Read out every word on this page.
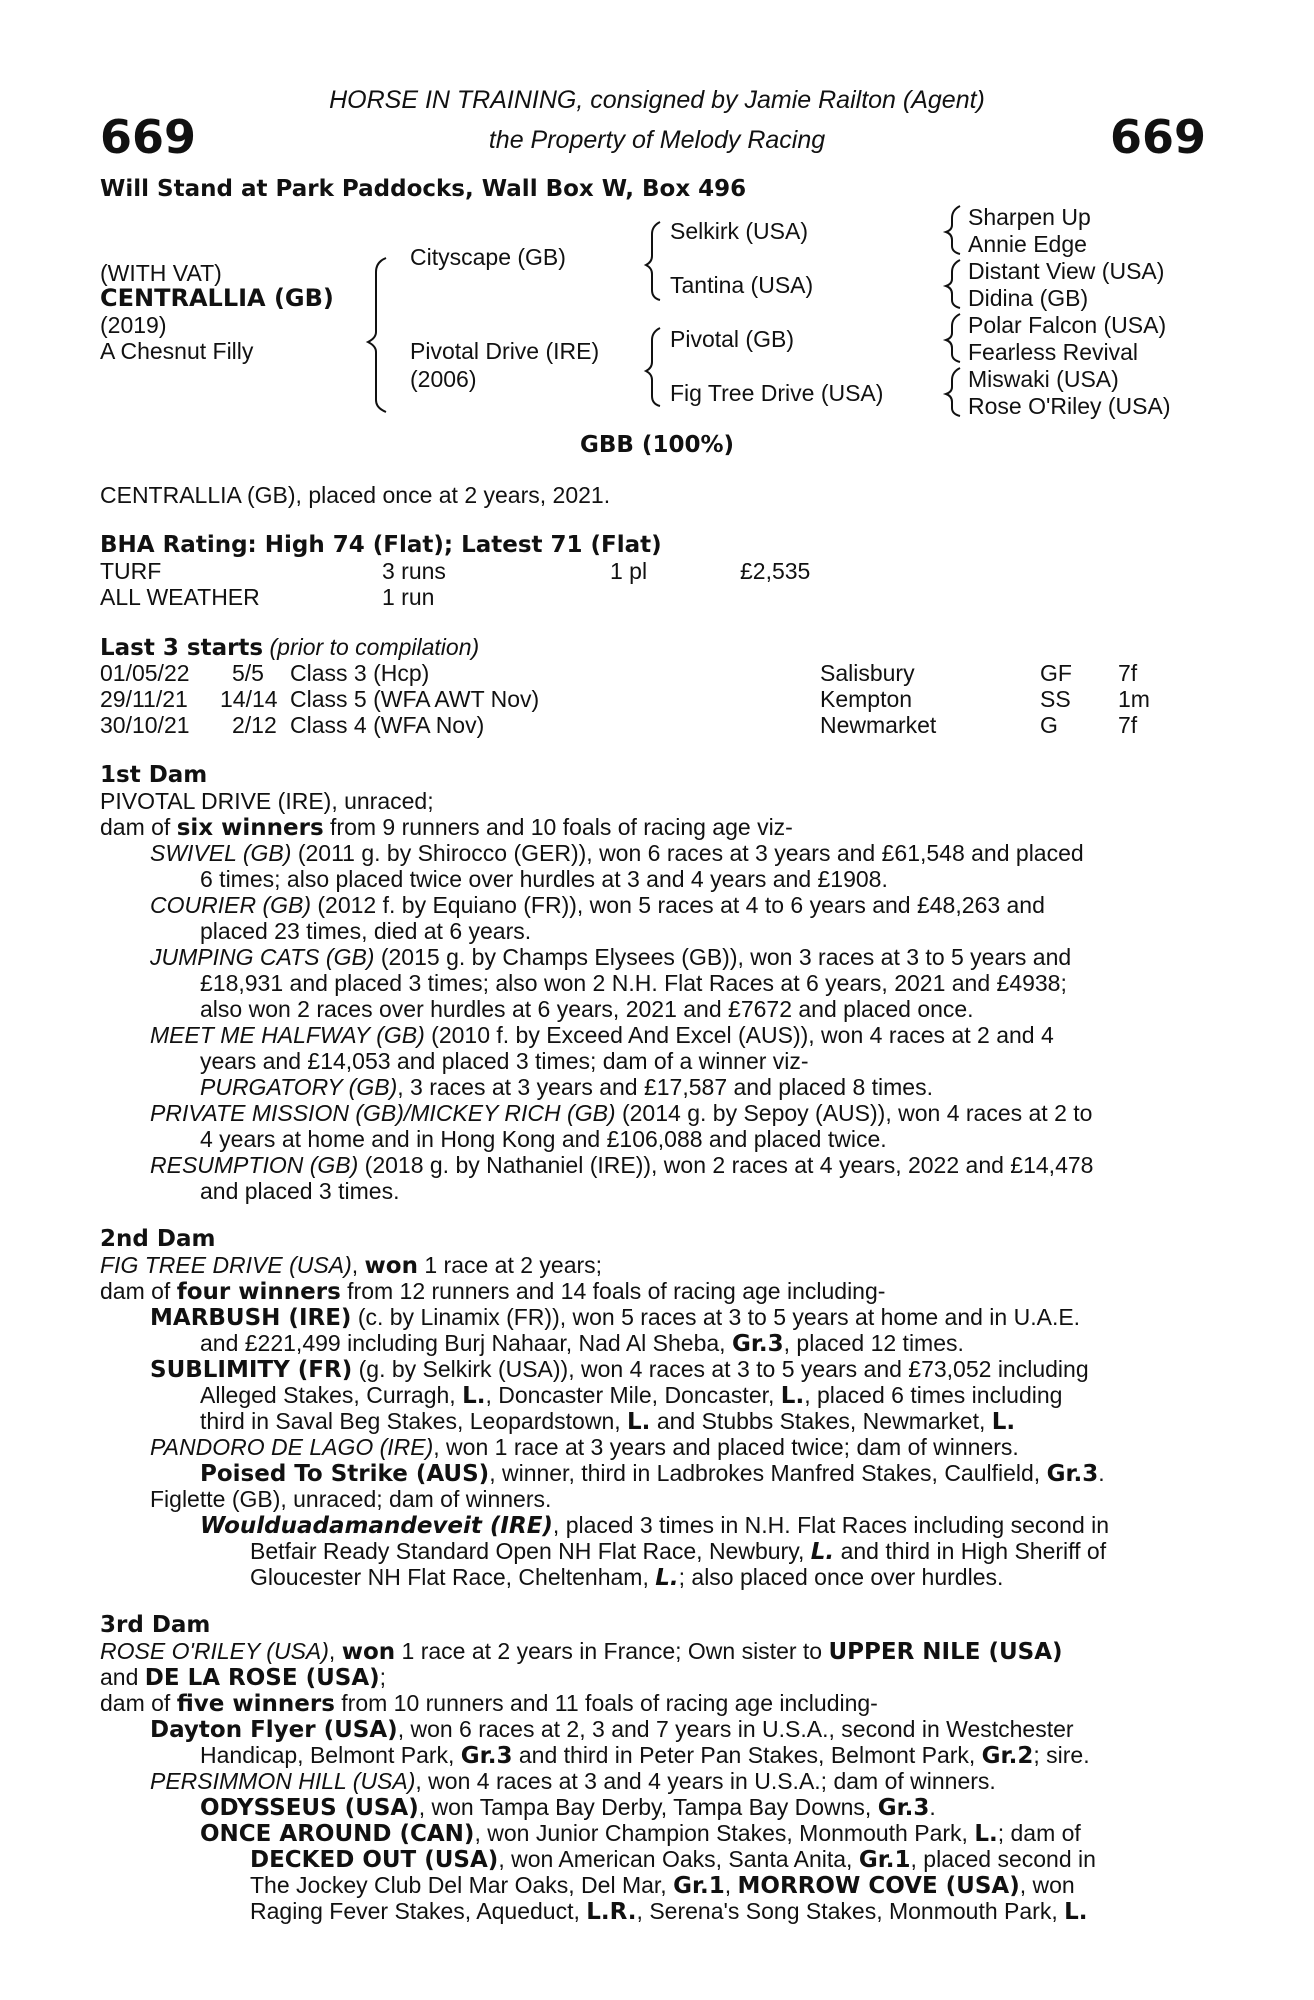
669	669
HORSE IN TRAINING, consigned by Jamie Railton (Agent)
the Property of Melody Racing
Will Stand at Park Paddocks, Wall Box W, Box 496
(WITH VAT)
CENTRALLIA (GB)
(2019)
A Chesnut Filly
Cityscape (GB)
Pivotal Drive (IRE)
(2006)
Selkirk (USA)
Tantina (USA)
Pivotal (GB)
Fig Tree Drive (USA)
Sharpen Up
Annie Edge
Distant View (USA)
Didina (GB)
Polar Falcon (USA)
Fearless Revival
Miswaki (USA)
Rose O'Riley (USA)
GBB (100%)
CENTRALLIA (GB), placed once at 2 years, 2021.
BHA Rating: High 74 (Flat); Latest 71 (Flat)
TURF	3 runs	1 pl	£2,535
ALL WEATHER	1 run
Last 3 starts (prior to compilation)
01/05/22 5/5 Class 3 (Hcp)	Salisbury	GF 7f
29/11/21 14/14 Class 5 (WFA AWT Nov)	Kempton	SS 1m
30/10/21 2/12 Class 4 (WFA Nov)	Newmarket	G	7f
1st Dam
PIVOTAL DRIVE (IRE), unraced;
dam of six winners from 9 runners and 10 foals of racing age viz-
SWIVEL (GB) (2011 g. by Shirocco (GER)), won 6 races at 3 years and £61,548 and placed
6 times; also placed twice over hurdles at 3 and 4 years and £1908.
COURIER (GB) (2012 f. by Equiano (FR)), won 5 races at 4 to 6 years and £48,263 and
placed 23 times, died at 6 years.
JUMPING CATS (GB) (2015 g. by Champs Elysees (GB)), won 3 races at 3 to 5 years and
£18,931 and placed 3 times; also won 2 N.H. Flat Races at 6 years, 2021 and £4938;
also won 2 races over hurdles at 6 years, 2021 and £7672 and placed once.
MEET ME HALFWAY (GB) (2010 f. by Exceed And Excel (AUS)), won 4 races at 2 and 4
years and £14,053 and placed 3 times; dam of a winner viz-
PURGATORY (GB), 3 races at 3 years and £17,587 and placed 8 times.
PRIVATE MISSION (GB)/MICKEY RICH (GB) (2014 g. by Sepoy (AUS)), won 4 races at 2 to
4 years at home and in Hong Kong and £106,088 and placed twice.
RESUMPTION (GB) (2018 g. by Nathaniel (IRE)), won 2 races at 4 years, 2022 and £14,478
and placed 3 times.
2nd Dam
FIG TREE DRIVE (USA), won 1 race at 2 years;
dam of four winners from 12 runners and 14 foals of racing age including-
MARBUSH (IRE) (c. by Linamix (FR)), won 5 races at 3 to 5 years at home and in U.A.E.
and £221,499 including Burj Nahaar, Nad Al Sheba, Gr.3, placed 12 times.
SUBLIMITY (FR) (g. by Selkirk (USA)), won 4 races at 3 to 5 years and £73,052 including
Alleged Stakes, Curragh, L., Doncaster Mile, Doncaster, L., placed 6 times including
third in Saval Beg Stakes, Leopardstown, L. and Stubbs Stakes, Newmarket, L.
PANDORO DE LAGO (IRE), won 1 race at 3 years and placed twice; dam of winners.
Poised To Strike (AUS), winner, third in Ladbrokes Manfred Stakes, Caulfield, Gr.3.
Figlette (GB), unraced; dam of winners.
Woulduadamandeveit (IRE), placed 3 times in N.H. Flat Races including second in
Betfair Ready Standard Open NH Flat Race, Newbury, L. and third in High Sheriff of
Gloucester NH Flat Race, Cheltenham, L.; also placed once over hurdles.
3rd Dam
ROSE O'RILEY (USA), won 1 race at 2 years in France; Own sister to UPPER NILE (USA)
and DE LA ROSE (USA);
dam of five winners from 10 runners and 11 foals of racing age including-
Dayton Flyer (USA), won 6 races at 2, 3 and 7 years in U.S.A., second in Westchester
Handicap, Belmont Park, Gr.3 and third in Peter Pan Stakes, Belmont Park, Gr.2; sire.
PERSIMMON HILL (USA), won 4 races at 3 and 4 years in U.S.A.; dam of winners.
ODYSSEUS (USA), won Tampa Bay Derby, Tampa Bay Downs, Gr.3.
ONCE AROUND (CAN), won Junior Champion Stakes, Monmouth Park, L.; dam of
DECKED OUT (USA), won American Oaks, Santa Anita, Gr.1, placed second in
The Jockey Club Del Mar Oaks, Del Mar, Gr.1, MORROW COVE (USA), won
Raging Fever Stakes, Aqueduct, L.R., Serena's Song Stakes, Monmouth Park, L.
